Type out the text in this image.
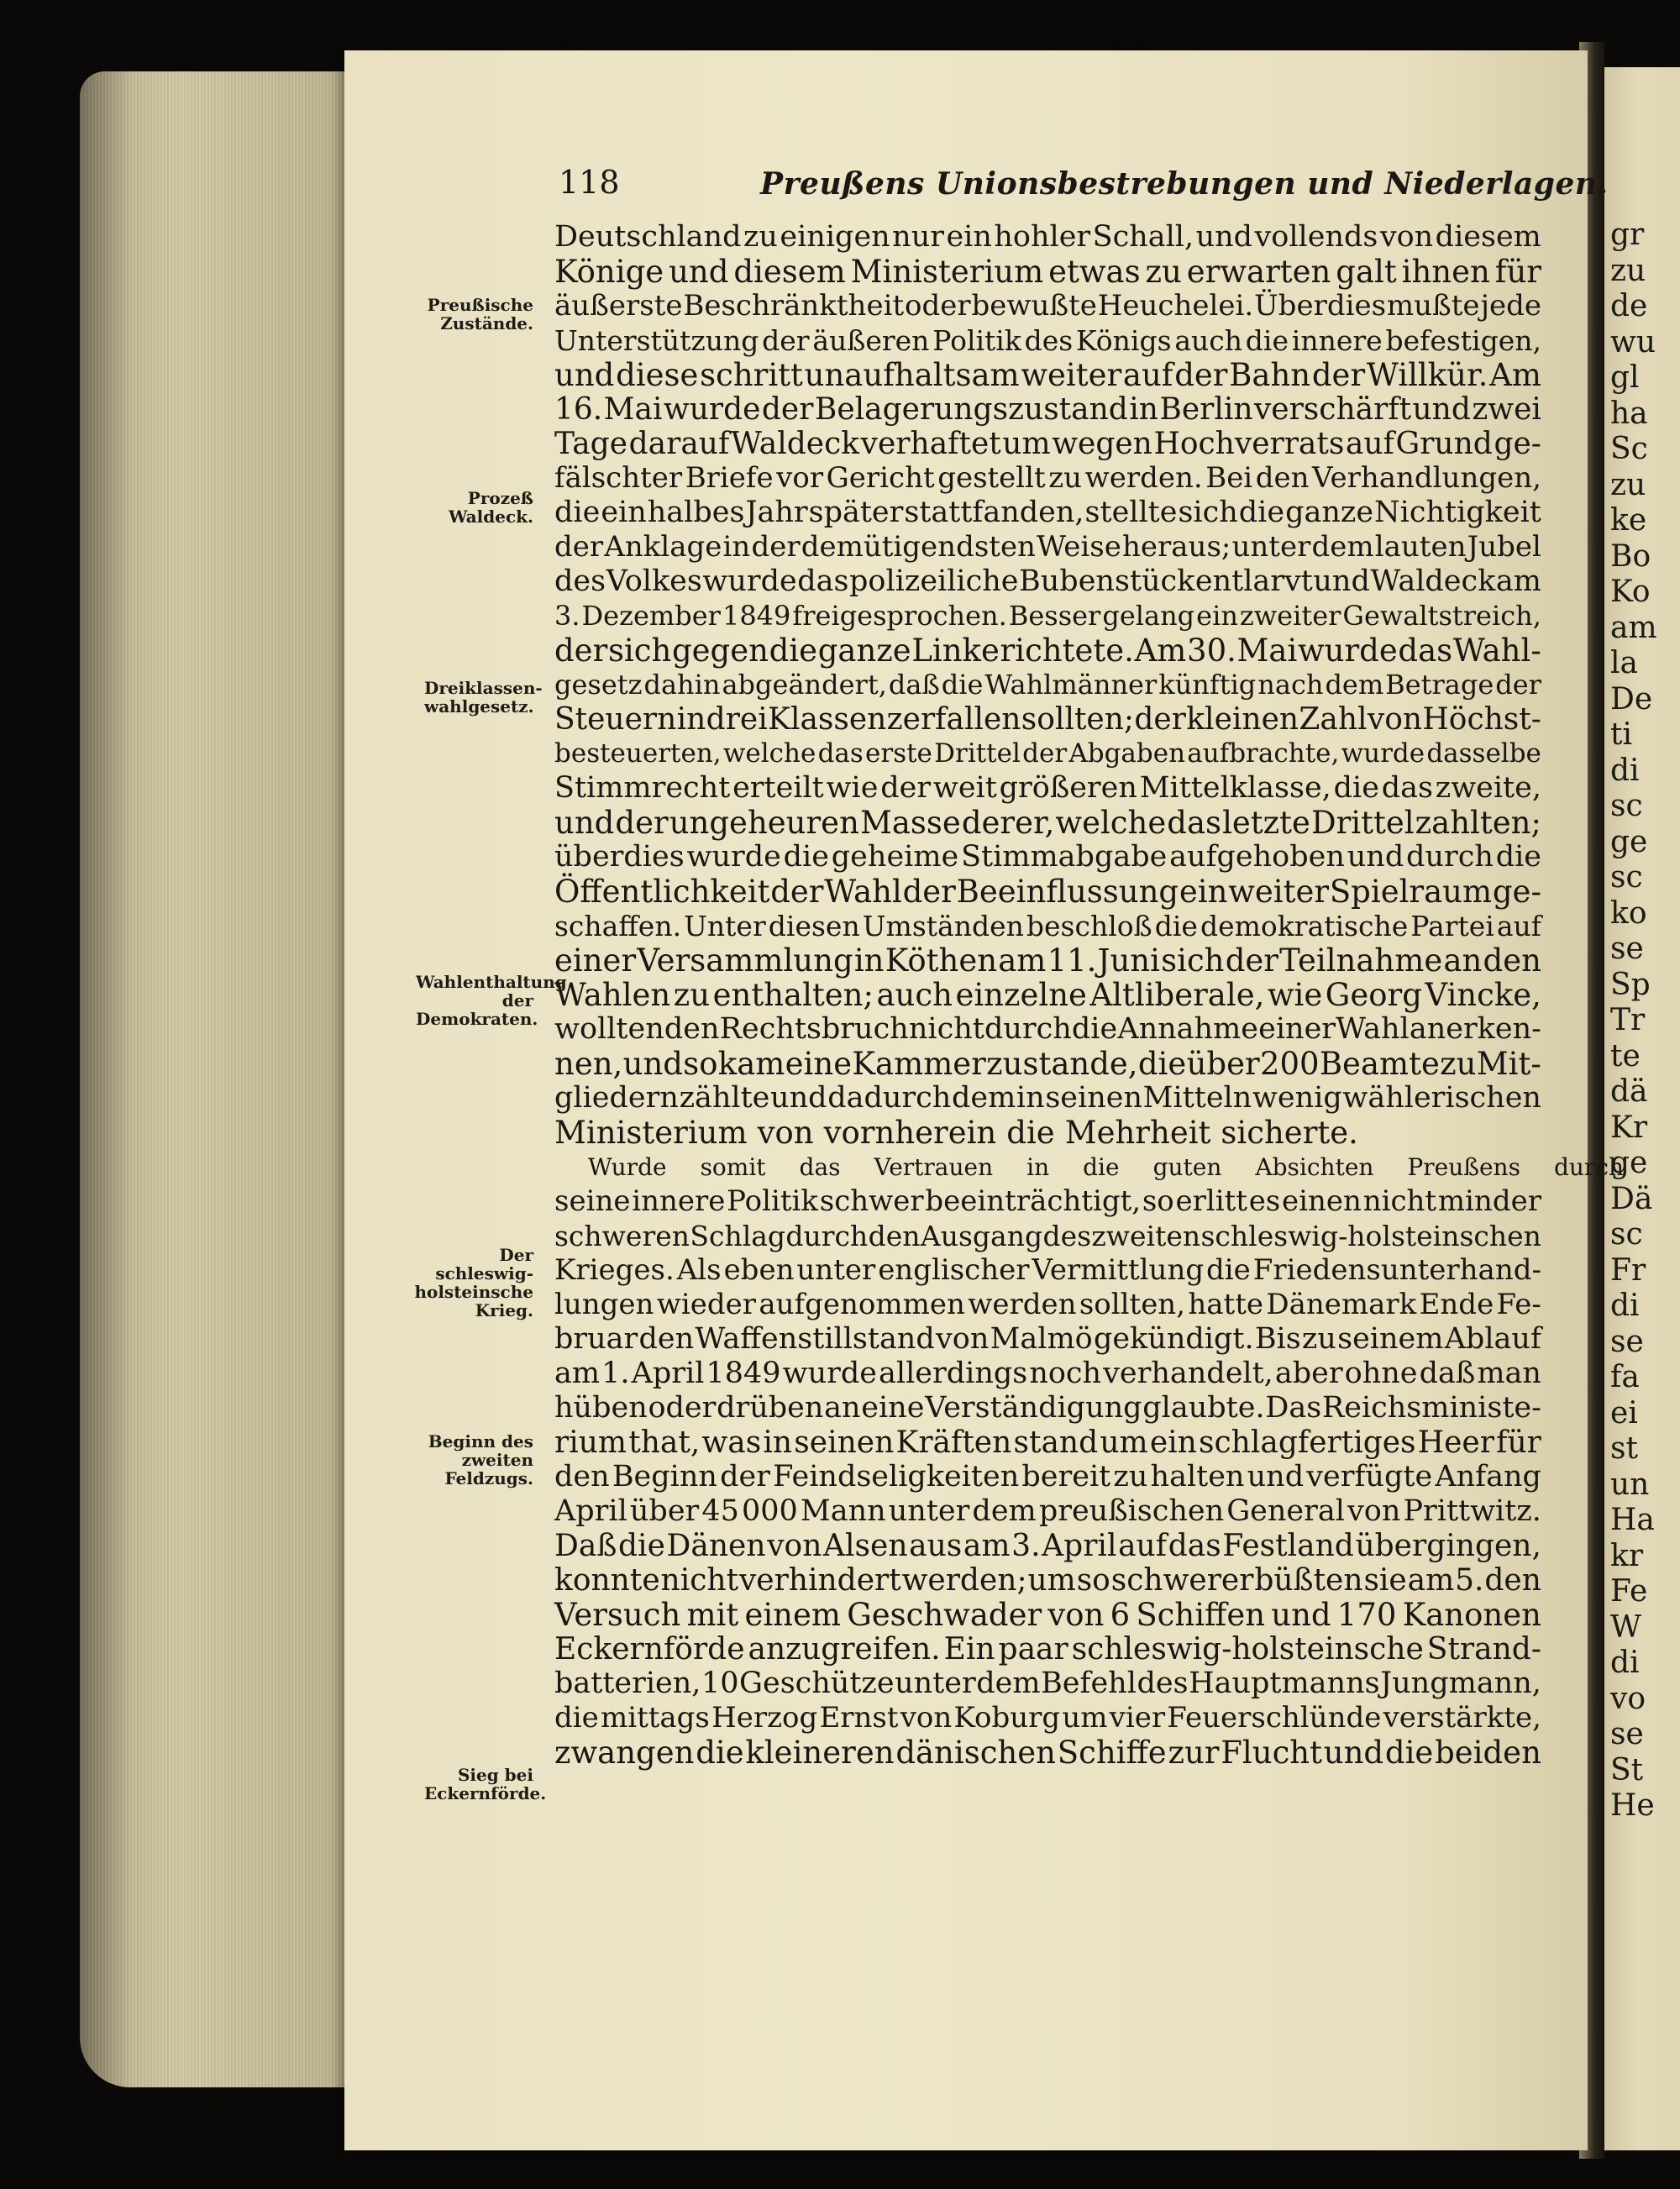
gr
zu
de
wu
gl
ha
Sc
zu
ke
Bo
Ko
am
la
De
ti
di
sc
ge
sc
ko
se
Sp
Tr
te
dä
Kr
ge
Dä
sc
Fr
di
se
fa
ei
st
un
Ha
kr
Fe
W
di
vo
se
St
He
118	Preußens Unionsbestrebungen und Niederlagen.
Preußische Zustände.
Prozeß Waldeck.
Dreiklassen-wahlgesetz.
Wahlenthaltung der Demokraten.
Der schleswig-holsteinsche Krieg.
Beginn des zweiten Feldzugs.
Sieg bei Eckernförde.
Deutschland zu einigen nur ein hohler Schall, und vollends von diesem
Könige und diesem Ministerium etwas zu erwarten galt ihnen für
äußerste Beschränktheit oder bewußte Heuchelei. Überdies mußte jede
Unterstützung der äußeren Politik des Königs auch die innere befestigen,
und diese schritt unaufhaltsam weiter auf der Bahn der Willkür. Am
16. Mai wurde der Belagerungszustand in Berlin verschärft und zwei
Tage darauf Waldeck verhaftet um wegen Hochverrats auf Grund ge-
fälschter Briefe vor Gericht gestellt zu werden. Bei den Verhandlungen,
die ein halbes Jahr später stattfanden, stellte sich die ganze Nichtigkeit
der Anklage in der demütigendsten Weise heraus; unter dem lauten Jubel
des Volkes wurde das polizeiliche Bubenstück entlarvt und Waldeck am
3. Dezember 1849 freigesprochen. Besser gelang ein zweiter Gewaltstreich,
der sich gegen die ganze Linke richtete. Am 30. Mai wurde das Wahl-
gesetz dahin abgeändert, daß die Wahlmänner künftig nach dem Betrage der
Steuern in drei Klassen zerfallen sollten; der kleinen Zahl von Höchst-
besteuerten, welche das erste Drittel der Abgaben aufbrachte, wurde dasselbe
Stimmrecht erteilt wie der weit größeren Mittelklasse, die das zweite,
und der ungeheuren Masse derer, welche das letzte Drittel zahlten;
überdies wurde die geheime Stimmabgabe aufgehoben und durch die
Öffentlichkeit der Wahl der Beeinflussung ein weiter Spielraum ge-
schaffen. Unter diesen Umständen beschloß die demokratische Partei auf
einer Versammlung in Köthen am 11. Juni sich der Teilnahme an den
Wahlen zu enthalten; auch einzelne Altliberale, wie Georg Vincke,
wollten den Rechtsbruch nicht durch die Annahme einer Wahl anerken-
nen, und so kam eine Kammer zustande, die über 200 Beamte zu Mit-
gliedern zählte und dadurch dem in seinen Mitteln wenig wählerischen
Ministerium von vornherein die Mehrheit sicherte.
Wurde	somit	das	Vertrauen	in	die	guten	Absichten	Preußens	durch
seine innere Politik schwer beeinträchtigt, so erlitt es einen nicht minder
schweren Schlag durch den Ausgang des zweiten schleswig-holsteinschen
Krieges. Als eben unter englischer Vermittlung die Friedensunterhand-
lungen wieder aufgenommen werden sollten, hatte Dänemark Ende Fe-
bruar den Waffenstillstand von Malmö gekündigt. Bis zu seinem Ablauf
am 1. April 1849 wurde allerdings noch verhandelt, aber ohne daß man
hüben oder drüben an eine Verständigung glaubte. Das Reichsministe-
rium that, was in seinen Kräften stand um ein schlagfertiges Heer für
den Beginn der Feindseligkeiten bereit zu halten und verfügte Anfang
April über 45 000 Mann unter dem preußischen General von Prittwitz.
Daß die Dänen von Alsen aus am 3. April auf das Festland übergingen,
konnte nicht verhindert werden; um so schwerer büßten sie am 5. den
Versuch mit einem Geschwader von 6 Schiffen und 170 Kanonen
Eckernförde anzugreifen. Ein paar schleswig-holsteinsche Strand-
batterien, 10 Geschütze unter dem Befehl des Hauptmanns Jungmann,
die mittags Herzog Ernst von Koburg um vier Feuerschlünde verstärkte,
zwangen die kleineren dänischen Schiffe zur Flucht und die beiden
